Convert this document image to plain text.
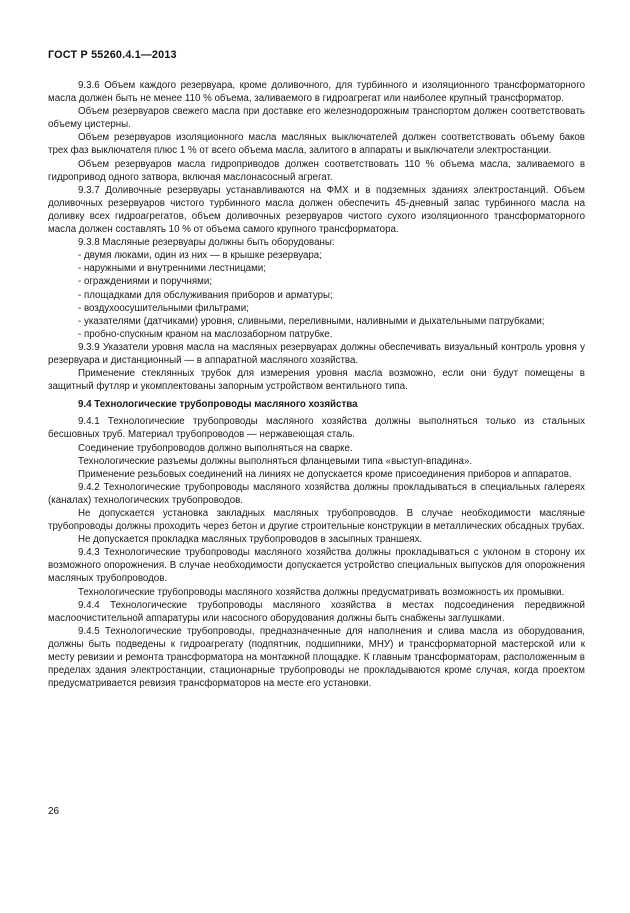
ГОСТ Р 55260.4.1—2013

9.3.6 Объем каждого резервуара, кроме доливочного, для турбинного и изоляционного трансформаторного масла должен быть не менее 110 % объема, заливаемого в гидроагрегат или наиболее крупный трансформатор.

Объем резервуаров свежего масла при доставке его железнодорожным транспортом должен соответствовать объему цистерны.

Объем резервуаров изоляционного масла масляных выключателей должен соответствовать объему баков трех фаз выключателя плюс 1 % от всего объема масла, залитого в аппараты и выключатели электростанции.

Объем резервуаров масла гидроприводов должен соответствовать 110 % объема масла, заливаемого в гидропривод одного затвора, включая маслонасосный агрегат.

9.3.7 Доливочные резервуары устанавливаются на ФМХ и в подземных зданиях электростанций. Объем доливочных резервуаров чистого турбинного масла должен обеспечить 45-дневный запас турбинного масла на доливку всех гидроагрегатов, объем доливочных резервуаров чистого сухого изоляционного трансформаторного масла должен составлять 10 % от объема самого крупного трансформатора.

9.3.8 Масляные резервуары должны быть оборудованы:

- двумя люками, один из них — в крышке резервуара;

- наружными и внутренними лестницами;

- ограждениями и поручнями;

- площадками для обслуживания приборов и арматуры;

- воздухоосушительными фильтрами;

- указателями (датчиками) уровня, сливными, переливными, наливными и дыхательными патрубками;

- пробно-спускным краном на маслозаборном патрубке.

9.3.9 Указатели уровня масла на масляных резервуарах должны обеспечивать визуальный контроль уровня у резервуара и дистанционный — в аппаратной масляного хозяйства.

Применение стеклянных трубок для измерения уровня масла возможно, если они будут помещены в защитный футляр и укомплектованы запорным устройством вентильного типа.

9.4 Технологические трубопроводы масляного хозяйства

9.4.1 Технологические трубопроводы масляного хозяйства должны выполняться только из стальных бесшовных труб. Материал трубопроводов — нержавеющая сталь.

Соединение трубопроводов должно выполняться на сварке.

Технологические разъемы должны выполняться фланцевыми типа «выступ-впадина».

Применение резьбовых соединений на линиях не допускается кроме присоединения приборов и аппаратов.

9.4.2 Технологические трубопроводы масляного хозяйства должны прокладываться в специальных галереях (каналах) технологических трубопроводов.

Не допускается установка закладных масляных трубопроводов. В случае необходимости масляные трубопроводы должны проходить через бетон и другие строительные конструкции в металлических обсадных трубах.

Не допускается прокладка масляных трубопроводов в засыпных траншеях.

9.4.3 Технологические трубопроводы масляного хозяйства должны прокладываться с уклоном в сторону их возможного опорожнения. В случае необходимости допускается устройство специальных выпусков для опорожнения масляных трубопроводов.

Технологические трубопроводы масляного хозяйства должны предусматривать возможность их промывки.

9.4.4 Технологические трубопроводы масляного хозяйства в местах подсоединения передвижной маслоочистительной аппаратуры или насосного оборудования должны быть снабжены заглушками.

9.4.5 Технологические трубопроводы, предназначенные для наполнения и слива масла из оборудования, должны быть подведены к гидроагрегату (подпятник, подшипники, МНУ) и трансформаторной мастерской или к месту ревизии и ремонта трансформатора на монтажной площадке. К главным трансформаторам, расположенным в пределах здания электростанции, стационарные трубопроводы не прокладываются кроме случая, когда проектом предусматривается ревизия трансформаторов на месте его установки.

26
